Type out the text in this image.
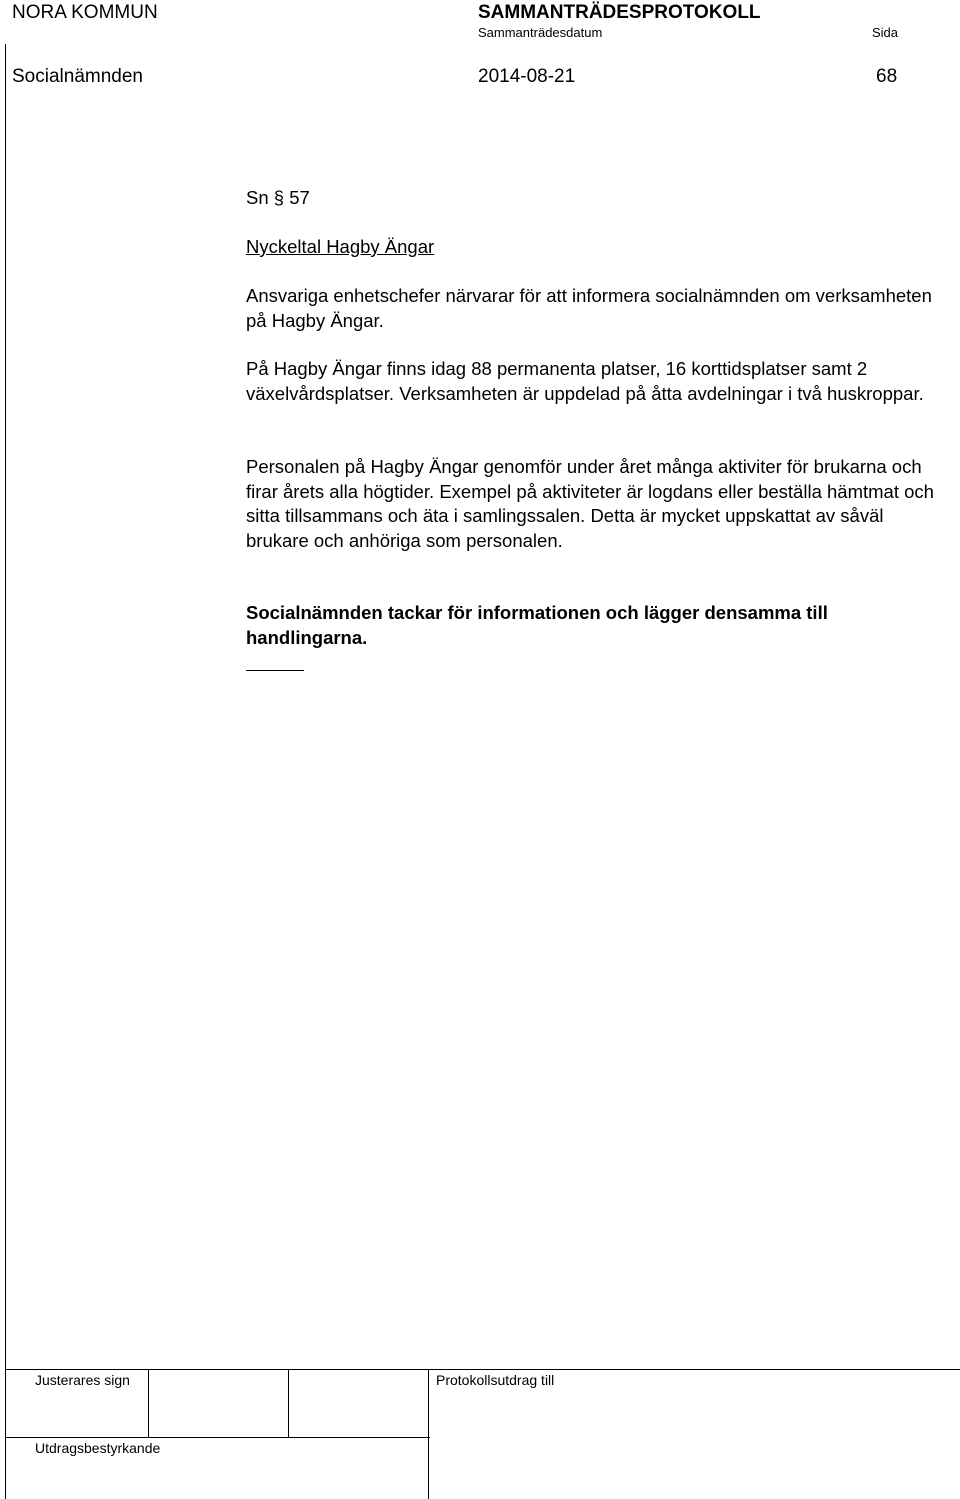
NORA KOMMUN	SAMMANTRÄDESPROTOKOLL
Sammanträdesdatum	Sida
Socialnämnden	2014-08-21	68
Sn § 57
Nyckeltal Hagby Ängar
Ansvariga enhetschefer närvarar för att informera socialnämnden om verksamheten på Hagby Ängar.
På Hagby Ängar finns idag 88 permanenta platser, 16 korttidsplatser samt 2 växelvårdsplatser. Verksamheten är uppdelad på åtta avdelningar i två huskroppar.
Personalen på Hagby Ängar genomför under året många aktiviter för brukarna och firar årets alla högtider. Exempel på aktiviteter är logdans eller beställa hämtmat och sitta tillsammans och äta i samlingssalen. Detta är mycket uppskattat av såväl brukare och anhöriga som personalen.
Socialnämnden tackar för informationen och lägger densamma till handlingarna.
Justerares sign	Protokollsutdrag till
Utdragsbestyrkande
